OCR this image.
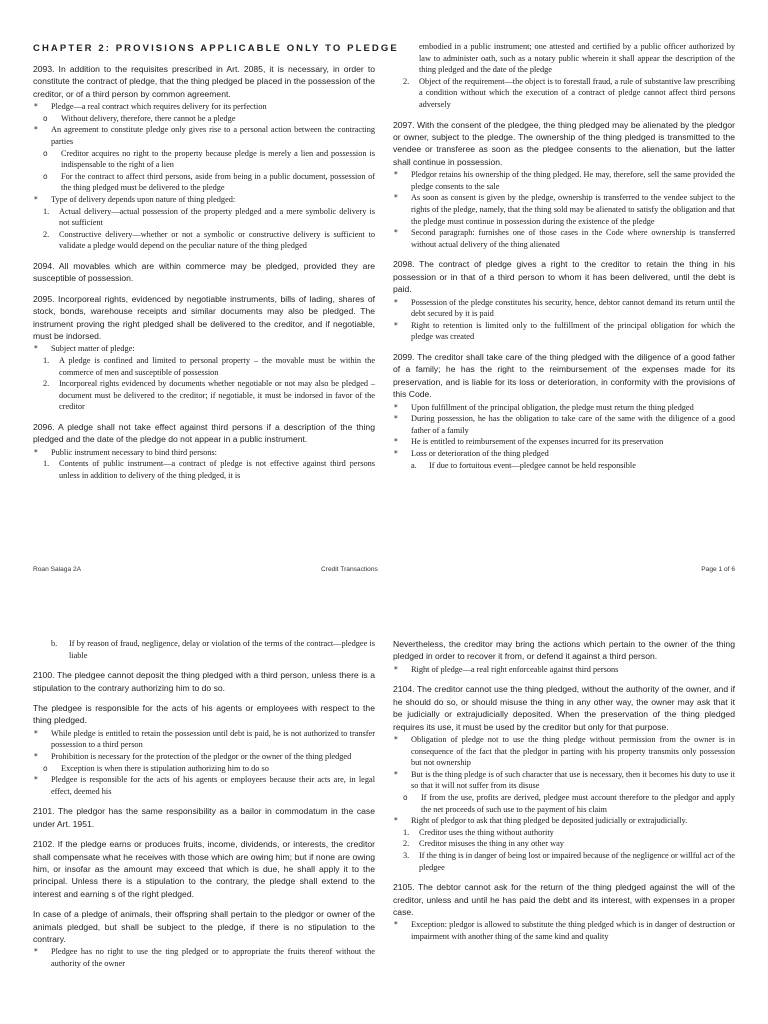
CHAPTER 2: PROVISIONS APPLICABLE ONLY TO PLEDGE
2093. In addition to the requisites prescribed in Art. 2085, it is necessary, in order to constitute the contract of pledge, that the thing pledged be placed in the possession of the creditor, or of a third person by common agreement.
*	Pledge—a real contract which requires delivery for its perfection
o	Without delivery, therefore, there cannot be a pledge
*	An agreement to constitute pledge only gives rise to a personal action between the contracting parties
o	Creditor acquires no right to the property because pledge is merely a lien and possession is indispensable to the right of a lien
o	For the contract to affect third persons, aside from being in a public document, possession of the thing pledged must be delivered to the pledge
*	Type of delivery depends upon nature of thing pledged:
1.	Actual delivery—actual possession of the property pledged and a mere symbolic delivery is not sufficient
2.	Constructive delivery—whether or not a symbolic or constructive delivery is sufficient to validate a pledge would depend on the peculiar nature of the thing pledged
2094. All movables which are within commerce may be pledged, provided they are susceptible of possession.
2095. Incorporeal rights, evidenced by negotiable instruments, bills of lading, shares of stock, bonds, warehouse receipts and similar documents may also be pledged. The instrument proving the right pledged shall be delivered to the creditor, and if negotiable, must be indorsed.
*	Subject matter of pledge:
1.	A pledge is confined and limited to personal property – the movable must be within the commerce of men and susceptible of possession
2.	Incorporeal rights evidenced by documents whether negotiable or not may also be pledged – document must be delivered to the creditor; if negotiable, it must be indorsed in favor of the creditor
2096. A pledge shall not take effect against third persons if a description of the thing pledged and the date of the pledge do not appear in a public instrument.
*	Public instrument necessary to bind third persons:
1.	Contents of public instrument—a contract of pledge is not effective against third persons unless in addition to delivery of the thing pledged, it is
embodied in a public instrument; one attested and certified by a public officer authorized by law to administer oath, such as a notary public wherein it shall appear the description of the thing pledged and the date of the pledge
2.	Object of the requirement—the object is to forestall fraud, a rule of substantive law prescribing a condition without which the execution of a contract of pledge cannot affect third persons adversely
2097. With the consent of the pledgee, the thing pledged may be alienated by the pledgor or owner, subject to the pledge. The ownership of the thing pledged is transmitted to the vendee or transferee as soon as the pledgee consents to the alienation, but the latter shall continue in possession.
*	Pledgor retains his ownership of the thing pledged. He may, therefore, sell the same provided the pledge consents to the sale
*	As soon as consent is given by the pledge, ownership is transferred to the vendee subject to the rights of the pledge, namely, that the thing sold may be alienated to satisfy the obligation and that the pledge must continue in possession during the existence of the pledge
*	Second paragraph: furnishes one of those cases in the Code where ownership is transferred without actual delivery of the thing alienated
2098. The contract of pledge gives a right to the creditor to retain the thing in his possession or in that of a third person to whom it has been delivered, until the debt is paid.
*	Possession of the pledge constitutes his security, hence, debtor cannot demand its return until the debt secured by it is paid
*	Right to retention is limited only to the fulfillment of the principal obligation for which the pledge was created
2099. The creditor shall take care of the thing pledged with the diligence of a good father of a family; he has the right to the reimbursement of the expenses made for its preservation, and is liable for its loss or deterioration, in conformity with the provisions of this Code.
*	Upon fulfillment of the principal obligation, the pledge must return the thing pledged
*	During possession, he has the obligation to take care of the same with the diligence of a good father of a family
*	He is entitled to reimbursement of the expenses incurred for its preservation
*	Loss or deterioration of the thing pledged
a.	If due to fortuitous event—pledgee cannot be held responsible
Roan Salaga 2A	Credit Transactions	Page 1 of 6
b.	If by reason of fraud, negligence, delay or violation of the terms of the contract—pledgee is liable
2100. The pledgee cannot deposit the thing pledged with a third person, unless there is a stipulation to the contrary authorizing him to do so.
The pledgee is responsible for the acts of his agents or employees with respect to the thing pledged.
*	While pledge is entitled to retain the possession until debt is paid, he is not authorized to transfer possession to a third person
*	Prohibition is necessary for the protection of the pledgor or the owner of the thing pledged
o	Exception is when there is stipulation authorizing him to do so
*	Pledgee is responsible for the acts of his agents or employees because their acts are, in legal effect, deemed his
2101. The pledgor has the same responsibility as a bailor in commodatum in the case under Art. 1951.
2102. If the pledge earns or produces fruits, income, dividends, or interests, the creditor shall compensate what he receives with those which are owing him; but if none are owing him, or insofar as the amount may exceed that which is due, he shall apply it to the principal. Unless there is a stipulation to the contrary, the pledge shall extend to the interest and earning s of the right pledged.
In case of a pledge of animals, their offspring shall pertain to the pledgor or owner of the animals pledged, but shall be subject to the pledge, if there is no stipulation to the contrary.
*	Pledgee has no right to use the ting pledged or to appropriate the fruits thereof without the authority of the owner
Nevertheless, the creditor may bring the actions which pertain to the owner of the thing pledged in order to recover it from, or defend it against a third person.
*	Right of pledge—a real right enforceable against third persons
2104. The creditor cannot use the thing pledged, without the authority of the owner, and if he should do so, or should misuse the thing in any other way, the owner may ask that it be judicially or extrajudicially deposited. When the preservation of the thing pledged requires its use, it must be used by the creditor but only for that purpose.
*	Obligation of pledge not to use the thing pledge without permission from the owner is in consequence of the fact that the pledgor in parting with his property transmits only possession but not ownership
*	But is the thing pledge is of such character that use is necessary, then it becomes his duty to use it so that it will not suffer from its disuse
o	If from the use, profits are derived, pledgee must account therefore to the pledgor and apply the net proceeds of such use to the payment of his claim
*	Right of pledgor to ask that thing pledged be deposited judicially or extrajudicially.
1.	Creditor uses the thing without authority
2.	Creditor misuses the thing in any other way
3.	If the thing is in danger of being lost or impaired because of the negligence or willful act of the pledgee
2105. The debtor cannot ask for the return of the thing pledged against the will of the creditor, unless and until he has paid the debt and its interest, with expenses in a proper case.
*	Exception: pledgor is allowed to substitute the thing pledged which is in danger of destruction or impairment with another thing of the same kind and quality
